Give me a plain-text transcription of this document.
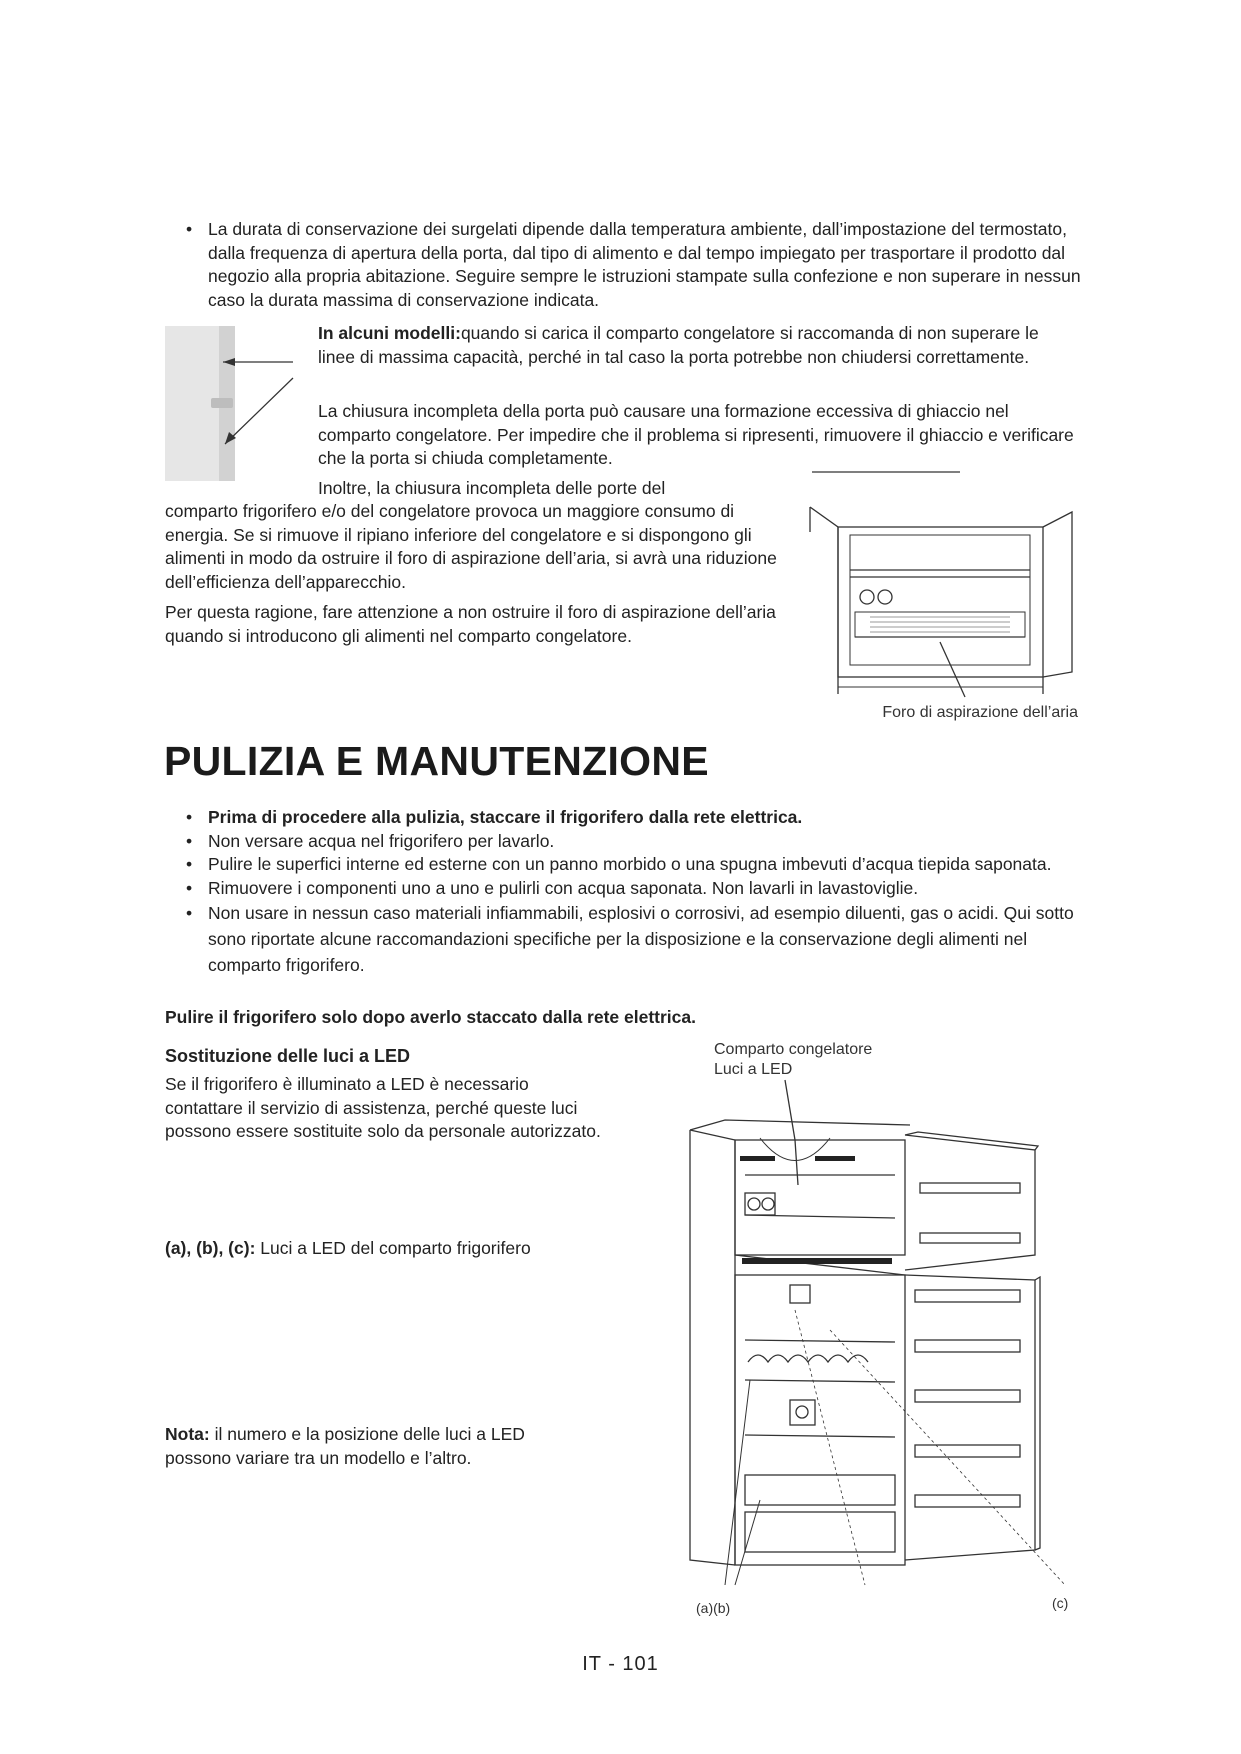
• La durata di conservazione dei surgelati dipende dalla temperatura ambiente, dall’impostazione del termostato, dalla frequenza di apertura della porta, dal tipo di alimento e dal tempo impiegato per trasportare il prodotto dal negozio alla propria abitazione. Seguire sempre le istruzioni stampate sulla confezione e non superare in nessun caso la durata massima di conservazione indicata.
In alcuni modelli:quando si carica il comparto congelatore si raccomanda di non superare le linee di massima capacità, perché in tal caso la porta potrebbe non chiudersi correttamente.
La chiusura incompleta della porta può causare una formazione eccessiva di ghiaccio nel comparto congelatore. Per impedire che il problema si ripresenti, rimuovere il ghiaccio e verificare che la porta si chiuda completamente.
Inoltre, la chiusura incompleta delle porte del
comparto frigorifero e/o del congelatore provoca un maggiore consumo di energia. Se si rimuove il ripiano inferiore del congelatore e si dispongono gli alimenti in modo da ostruire il foro di aspirazione dell’aria, si avrà una riduzione dell’efficienza dell’apparecchio.
Per questa ragione, fare attenzione a non ostruire il foro di aspirazione dell’aria quando si introducono gli alimenti nel comparto congelatore.
Foro di aspirazione dell’aria
PULIZIA E MANUTENZIONE
• Prima di procedere alla pulizia, staccare il frigorifero dalla rete elettrica.
• Non versare acqua nel frigorifero per lavarlo.
• Pulire le superfici interne ed esterne con un panno morbido o una spugna imbevuti d’acqua tiepida saponata.
• Rimuovere i componenti uno a uno e pulirli con acqua saponata. Non lavarli in lavastoviglie.
• Non usare in nessun caso materiali infiammabili, esplosivi o corrosivi, ad esempio diluenti, gas o acidi. Qui sotto sono riportate alcune raccomandazioni specifiche per la disposizione e la conservazione degli alimenti nel comparto frigorifero.
Pulire il frigorifero solo dopo averlo staccato dalla rete elettrica.
Sostituzione delle luci a LED
Se il frigorifero è illuminato a LED è necessario contattare il servizio di assistenza, perché queste luci possono essere sostituite solo da personale autorizzato.
(a), (b), (c): Luci a LED del comparto frigorifero
Nota: il numero e la posizione delle luci a LED possono variare tra un modello e l’altro.
Comparto congelatore
Luci a LED
(a)(b)	(c)
IT - 101
